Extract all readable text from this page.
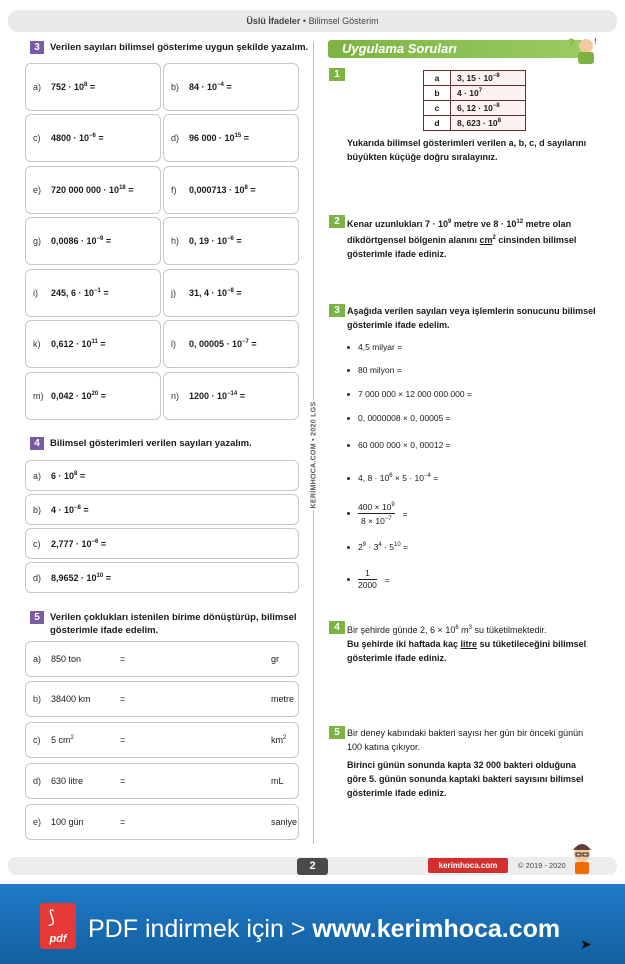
Üslü İfadeler • Bilimsel Gösterim
3	Verilen sayıları bilimsel gösterime uygun şekilde yazalım.
a) $752 \cdot 10^8$ =	b) $84 \cdot 10^{-4}$ =
c) $4800 \cdot 10^{-6}$ =	d) 96 $000 \cdot 10^{15}$ =
e) 720 000 $000 \cdot 10^{18}$ =	f) $0,000713 \cdot 10^8$ =
g) $0,0086 \cdot 10^{-9}$ =	h) 0, $19 \cdot 10^{-6}$ =
i) 245, $6 \cdot 10^{-1}$ =	j) 31, $4 \cdot 10^{-8}$ =
k) $0,612 \cdot 10^{11}$ =	l) 0, $00005 \cdot 10^{-7}$ =
m) $0,042 \cdot 10^{20}$ =	n) $1200 \cdot 10^{-14}$ =
4	Bilimsel gösterimleri verilen sayıları yazalım.
a) $6 \cdot 10^8$ =
b) $4 \cdot 10^{-8}$ =
c) $2,777 \cdot 10^{-6}$ =
d) $8,9652 \cdot 10^{10}$ =
5	Verilen çoklukları istenilen birime dönüştürüp, bilimsel
gösterimle ifade edelim.
a) 850 ton	=	gr
b) 38400 km	=	metre
c) 5 $cm^2$	=	$km^2$
d) 630 litre	=	mL
e) 100 gün	=	saniye
KERİMHOCA.COM • 2020 LGS
Uygulama Soruları	? !
1	a	3, $15 \cdot 10^{-8}$
b	$4 \cdot 10^7$
c	6, $12 \cdot 10^{-8}$
d	8, $623 \cdot 10^8$
Yukarıda bilimsel gösterimleri verilen a, b, c, d sayılarını
büyükten küçüğe doğru sıralayınız.
2 Kenar uzunlukları $7 \cdot 10^9$ metre ve $8 \cdot 10^{12}$ metre olan
dikdörtgensel bölgenin alanını $cm^2$ cinsinden bilimsel
gösterimle ifade ediniz.
3 Aşağıda verilen sayıları veya işlemlerin sonucunu bilimsel
gösterimle ifade edelim.
4,5 milyar =
80 milyon =
7 000 000 × 12 000 000 000 =
0, 0000008 × 0, 00005 =
60 000 000 × 0, 00012 =
4, $8 \cdot 10^6 \times 5 \cdot 10^{-4}$ =
$\frac{400 \times 10^9}{8 \times 10^{-7}}$ =
$2^9 \cdot 3^4 \cdot 5^{10}$ =
$\frac{1}{2000}$ =
4 Bir şehirde günde 2, $6 \times 10^6$ $m^3$ su tüketilmektedir.
Bu şehirde iki haftada kaç litre su tüketileceğini bilimsel
gösterimle ifade ediniz.
5 Bir deney kabındaki bakteri sayısı her gün bir önceki günün
100 katına çıkıyor.
Birinci günün sonunda kapta 32 000 bakteri olduğuna
göre 5. günün sonunda kaptaki bakteri sayısını bilimsel
gösterimle ifade ediniz.
2	kerimhoca.com	© 2019 - 2020
⟆
pdf PDF indirmek için > www.kerimhoca.com
➤
